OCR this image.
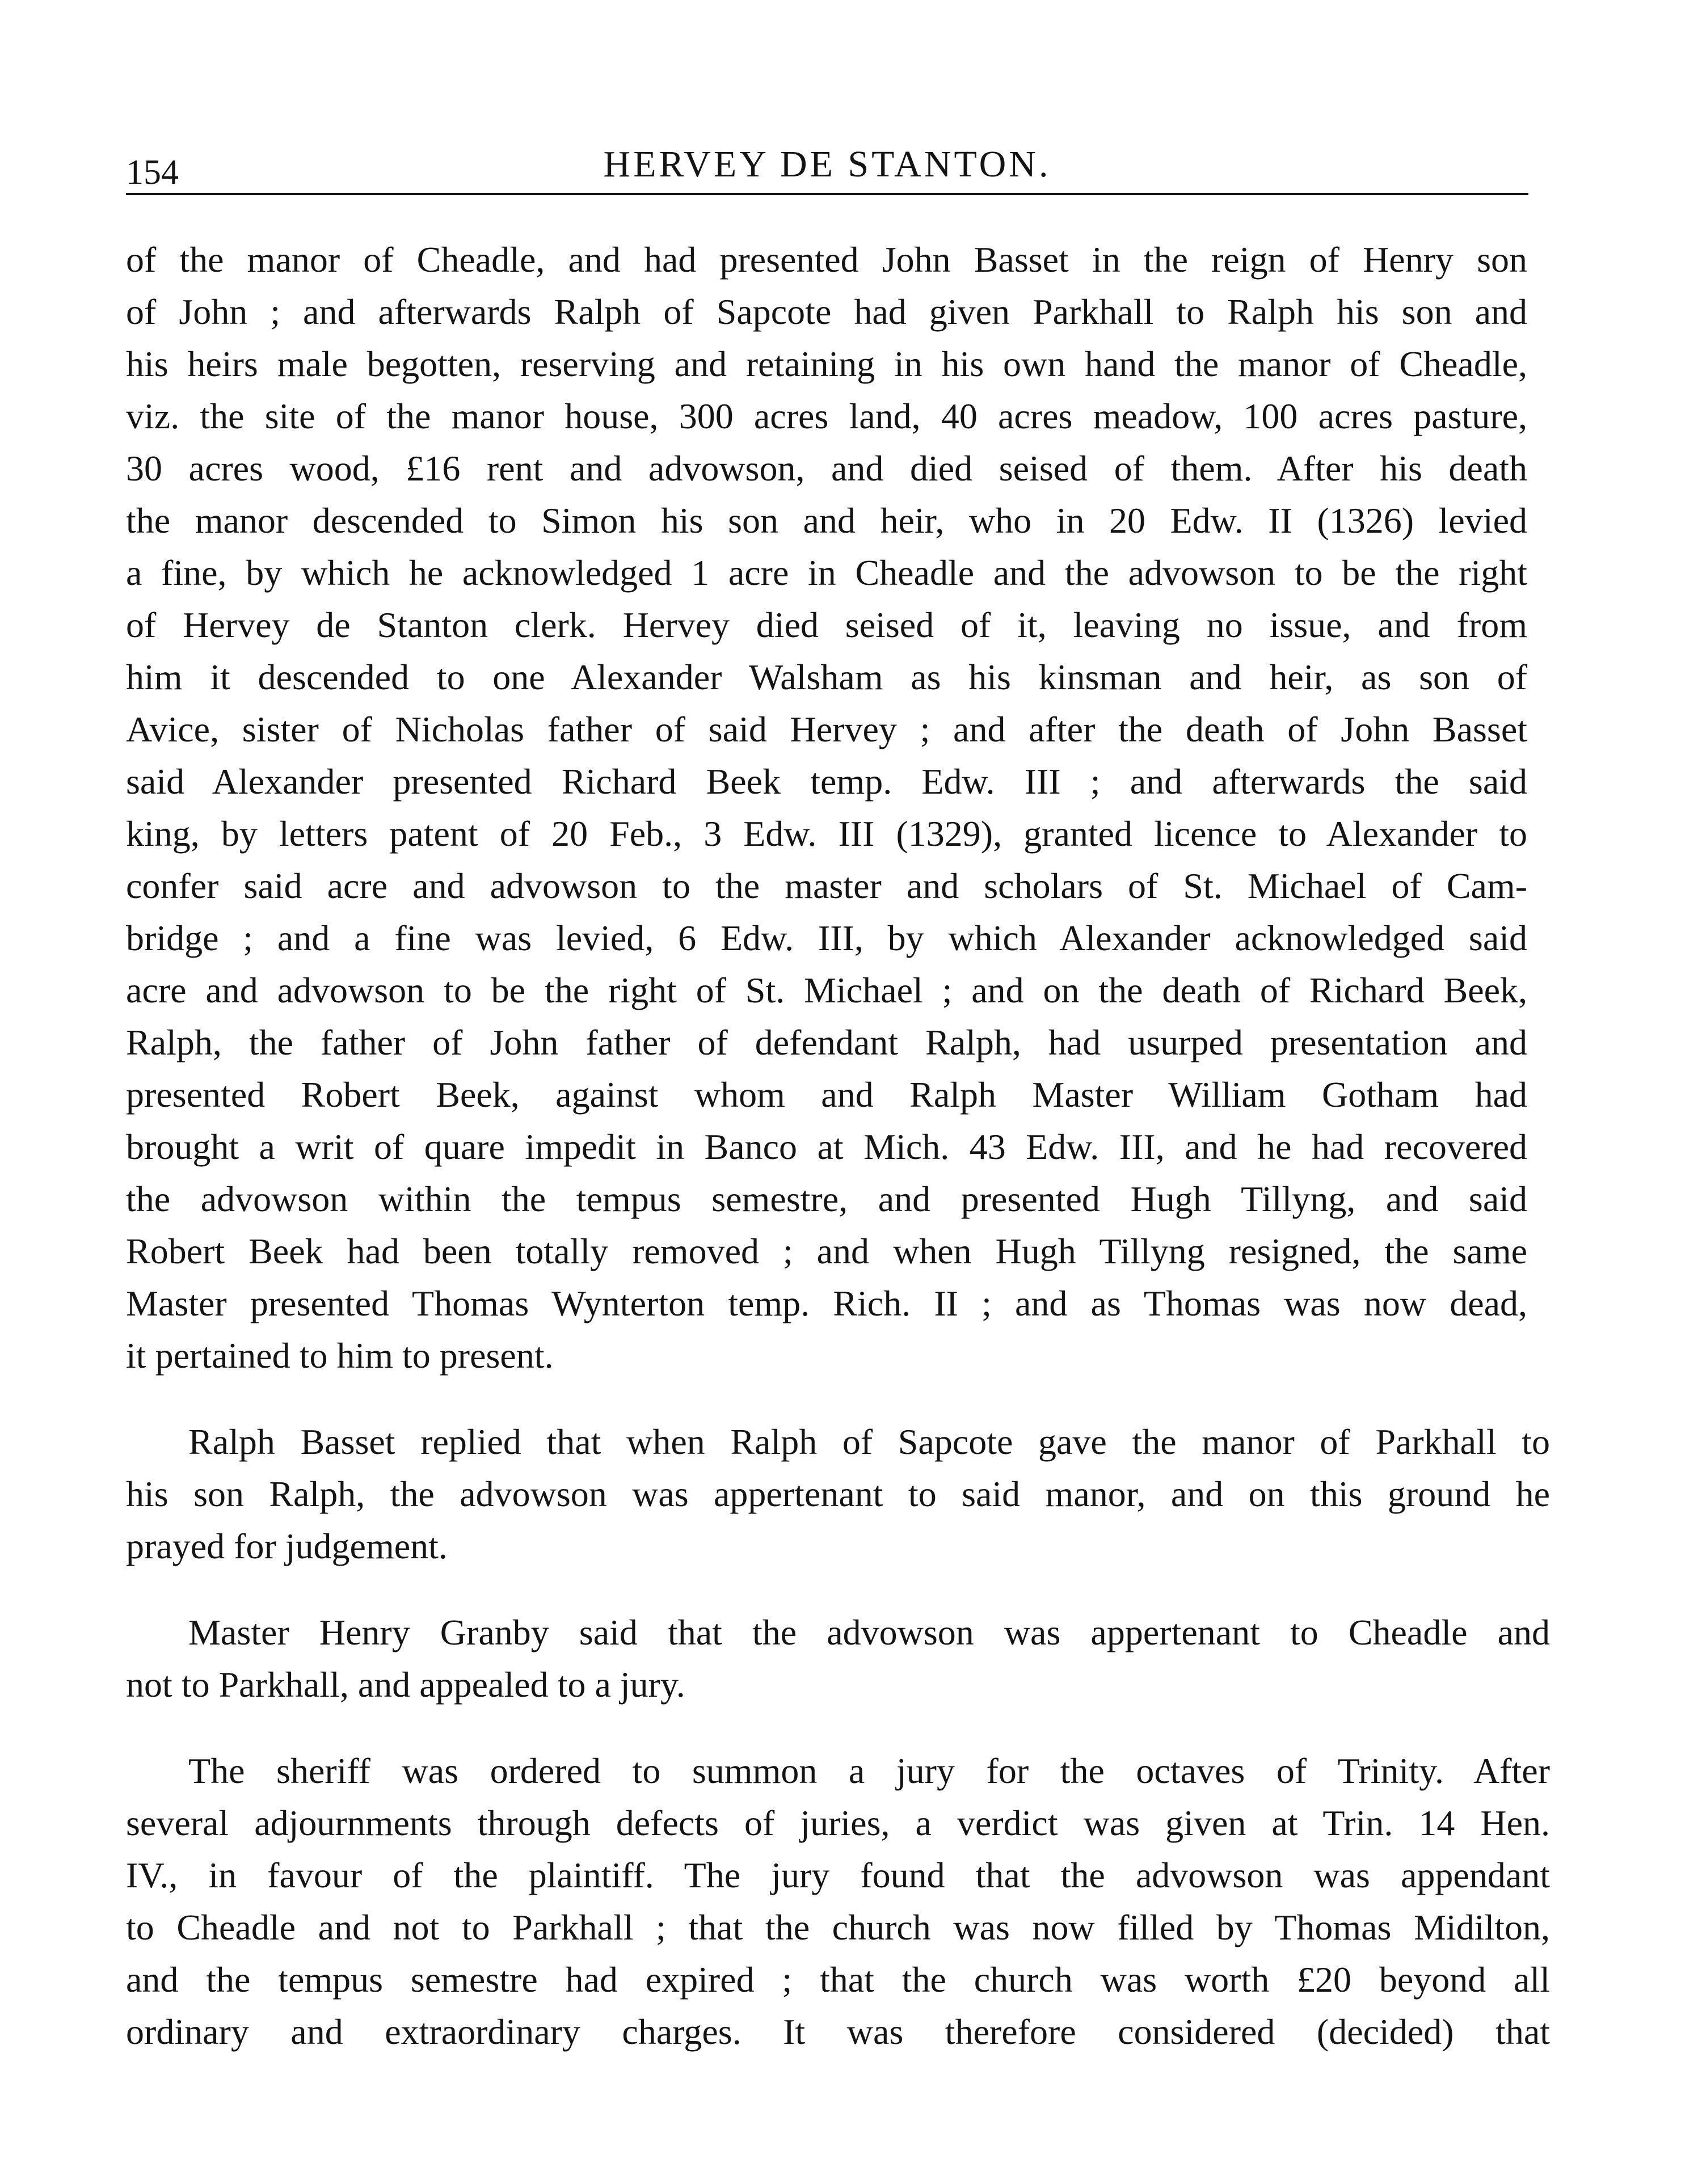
154	HERVEY DE STANTON.
of the manor of Cheadle, and had presented John Basset in the reign of Henry son
of John ; and afterwards Ralph of Sapcote had given Parkhall to Ralph his son and
his heirs male begotten, reserving and retaining in his own hand the manor of Cheadle,
viz. the site of the manor house, 300 acres land, 40 acres meadow, 100 acres pasture,
30 acres wood, £16 rent and advowson, and died seised of them. After his death
the manor descended to Simon his son and heir, who in 20 Edw. II (1326) levied
a fine, by which he acknowledged 1 acre in Cheadle and the advowson to be the right
of Hervey de Stanton clerk. Hervey died seised of it, leaving no issue, and from
him it descended to one Alexander Walsham as his kinsman and heir, as son of
Avice, sister of Nicholas father of said Hervey ; and after the death of John Basset
said Alexander presented Richard Beek temp. Edw. III ; and afterwards the said
king, by letters patent of 20 Feb., 3 Edw. III (1329), granted licence to Alexander to
confer said acre and advowson to the master and scholars of St. Michael of Cam-
bridge ; and a fine was levied, 6 Edw. III, by which Alexander acknowledged said
acre and advowson to be the right of St. Michael ; and on the death of Richard Beek,
Ralph, the father of John father of defendant Ralph, had usurped presentation and
presented Robert Beek, against whom and Ralph Master William Gotham had
brought a writ of quare impedit in Banco at Mich. 43 Edw. III, and he had recovered
the advowson within the tempus semestre, and presented Hugh Tillyng, and said
Robert Beek had been totally removed ; and when Hugh Tillyng resigned, the same
Master presented Thomas Wynterton temp. Rich. II ; and as Thomas was now dead,
it pertained to him to present.
Ralph Basset replied that when Ralph of Sapcote gave the manor of Parkhall to
his son Ralph, the advowson was appertenant to said manor, and on this ground he
prayed for judgement.
Master Henry Granby said that the advowson was appertenant to Cheadle and
not to Parkhall, and appealed to a jury.
The sheriff was ordered to summon a jury for the octaves of Trinity. After
several adjournments through defects of juries, a verdict was given at Trin. 14 Hen.
IV., in favour of the plaintiff. The jury found that the advowson was appendant
to Cheadle and not to Parkhall ; that the church was now filled by Thomas Midilton,
and the tempus semestre had expired ; that the church was worth £20 beyond all
ordinary and extraordinary charges. It was therefore considered (decided) that
